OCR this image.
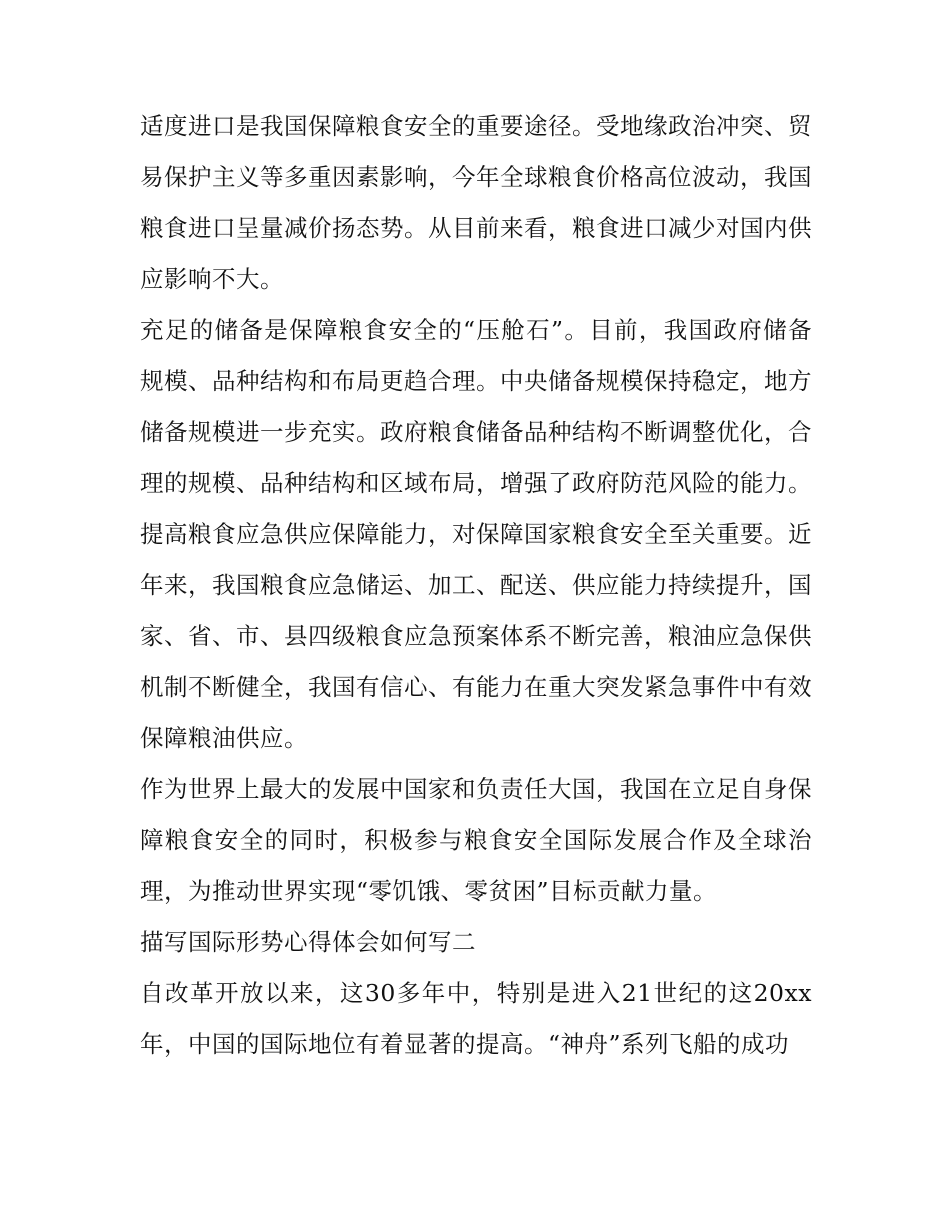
适度进口是我国保障粮食安全的重要途径。受地缘政治冲突、贸易保护主义等多重因素影响，今年全球粮食价格高位波动，我国粮食进口呈量减价扬态势。从目前来看，粮食进口减少对国内供应影响不大。

充足的储备是保障粮食安全的“压舱石”。目前，我国政府储备规模、品种结构和布局更趋合理。中央储备规模保持稳定，地方储备规模进一步充实。政府粮食储备品种结构不断调整优化，合理的规模、品种结构和区域布局，增强了政府防范风险的能力。

提高粮食应急供应保障能力，对保障国家粮食安全至关重要。近年来，我国粮食应急储运、加工、配送、供应能力持续提升，国家、省、市、县四级粮食应急预案体系不断完善，粮油应急保供机制不断健全，我国有信心、有能力在重大突发紧急事件中有效保障粮油供应。

作为世界上最大的发展中国家和负责任大国，我国在立足自身保障粮食安全的同时，积极参与粮食安全国际发展合作及全球治理，为推动世界实现“零饥饿、零贫困”目标贡献力量。

描写国际形势心得体会如何写二

自改革开放以来，这30多年中，特别是进入21世纪的这20xx年，中国的国际地位有着显著的提高。“神舟”系列飞船的成功
